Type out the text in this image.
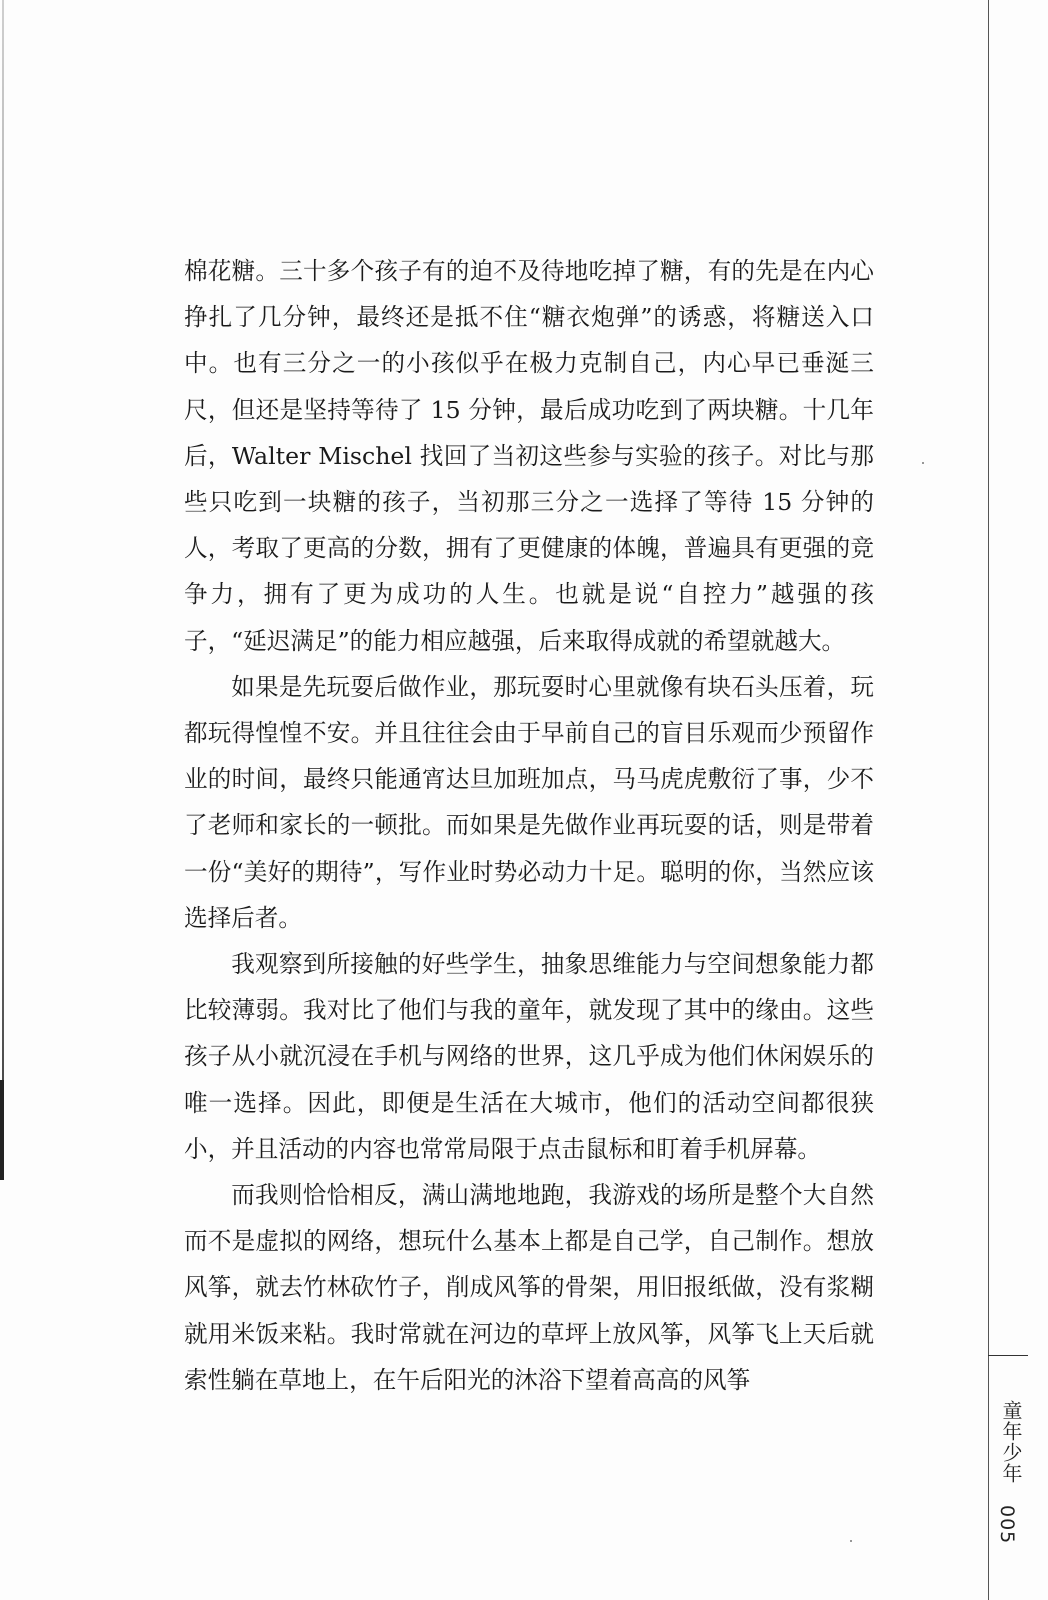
童年少年
005

棉花糖。三十多个孩子有的迫不及待地吃掉了糖，有的先是在内心挣扎了几分钟，最终还是抵不住“糖衣炮弹”的诱惑，将糖送入口中。也有三分之一的小孩似乎在极力克制自己，内心早已垂涎三尺，但还是坚持等待了 15 分钟，最后成功吃到了两块糖。十几年后，Walter Mischel 找回了当初这些参与实验的孩子。对比与那些只吃到一块糖的孩子，当初那三分之一选择了等待 15 分钟的人，考取了更高的分数，拥有了更健康的体魄，普遍具有更强的竞争力，拥有了更为成功的人生。也就是说“自控力”越强的孩子，“延迟满足”的能力相应越强，后来取得成就的希望就越大。

如果是先玩耍后做作业，那玩耍时心里就像有块石头压着，玩都玩得惶惶不安。并且往往会由于早前自己的盲目乐观而少预留作业的时间，最终只能通宵达旦加班加点，马马虎虎敷衍了事，少不了老师和家长的一顿批。而如果是先做作业再玩耍的话，则是带着一份“美好的期待”，写作业时势必动力十足。聪明的你，当然应该选择后者。

我观察到所接触的好些学生，抽象思维能力与空间想象能力都比较薄弱。我对比了他们与我的童年，就发现了其中的缘由。这些孩子从小就沉浸在手机与网络的世界，这几乎成为他们休闲娱乐的唯一选择。因此，即便是生活在大城市，他们的活动空间都很狭小，并且活动的内容也常常局限于点击鼠标和盯着手机屏幕。

而我则恰恰相反，满山满地地跑，我游戏的场所是整个大自然而不是虚拟的网络，想玩什么基本上都是自己学，自己制作。想放风筝，就去竹林砍竹子，削成风筝的骨架，用旧报纸做，没有浆糊就用米饭来粘。我时常就在河边的草坪上放风筝，风筝飞上天后就索性躺在草地上，在午后阳光的沐浴下望着高高的风筝
